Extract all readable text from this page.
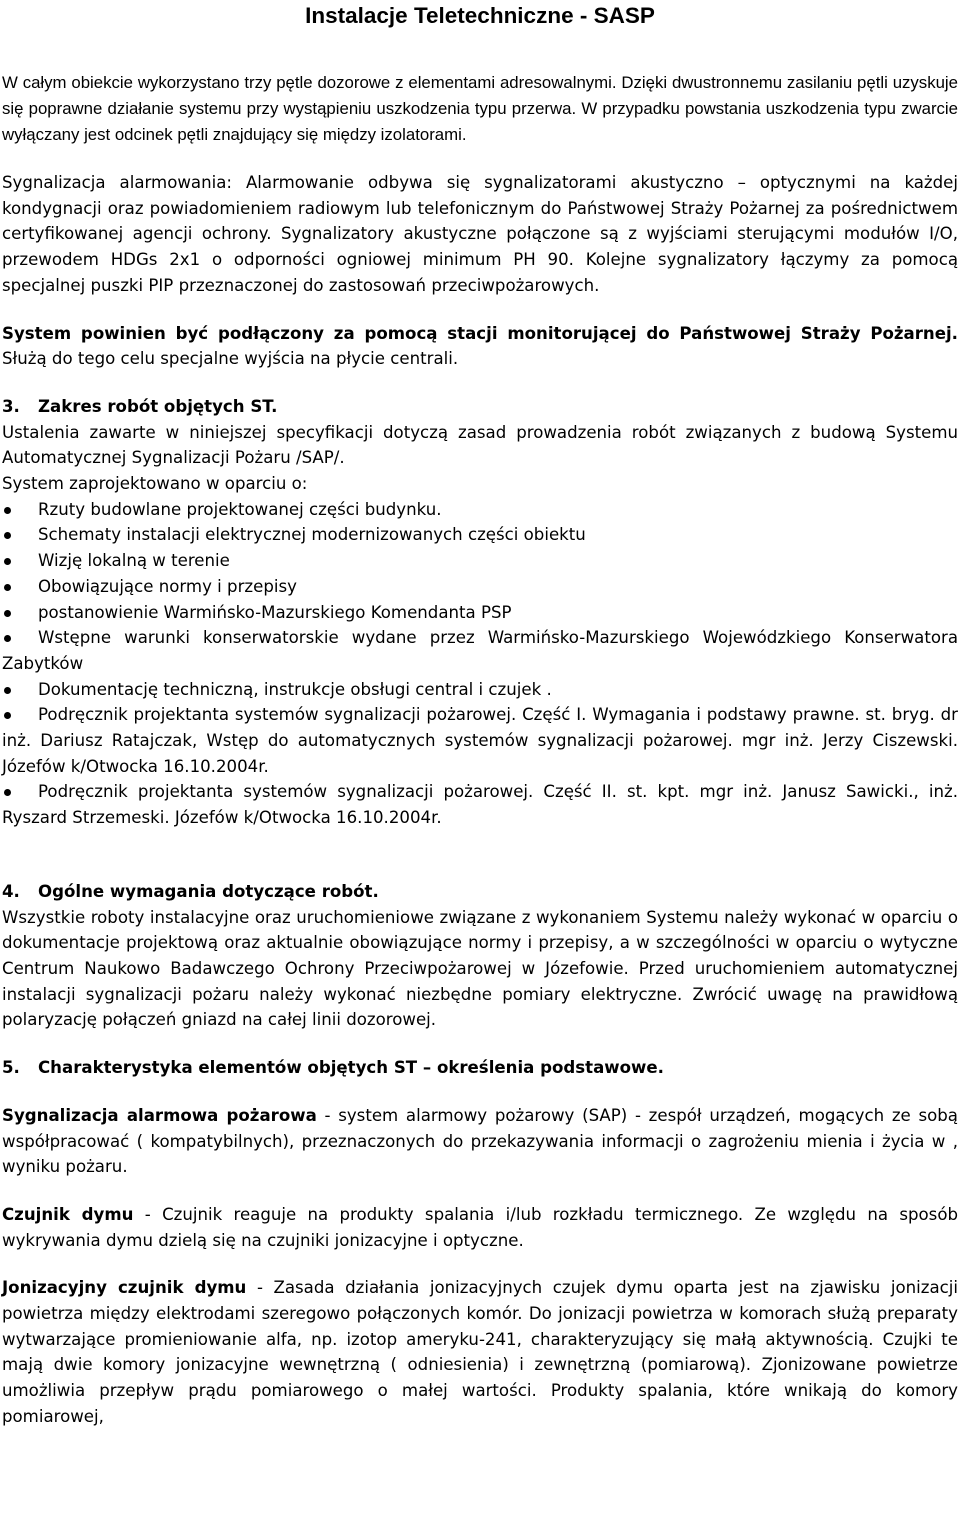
Instalacje Teletechniczne - SASP

W całym obiekcie wykorzystano trzy pętle dozorowe z elementami adresowalnymi. Dzięki dwustronnemu zasilaniu pętli uzyskuje się poprawne działanie systemu przy wystąpieniu uszkodzenia typu przerwa. W przypadku powstania uszkodzenia typu zwarcie wyłączany jest odcinek pętli znajdujący się między izolatorami.

Sygnalizacja alarmowania: Alarmowanie odbywa się sygnalizatorami akustyczno – optycznymi na każdej kondygnacji oraz powiadomieniem radiowym lub telefonicznym do Państwowej Straży Pożarnej za pośrednictwem certyfikowanej agencji ochrony. Sygnalizatory akustyczne połączone są z wyjściami sterującymi modułów I/O, przewodem HDGs 2x1 o odporności ogniowej minimum PH 90. Kolejne sygnalizatory łączymy za pomocą specjalnej puszki PIP przeznaczonej do zastosowań przeciwpożarowych.

System powinien być podłączony za pomocą stacji monitorującej do Państwowej Straży Pożarnej. Służą do tego celu specjalne wyjścia na płycie centrali.

3. Zakres robót objętych ST.

Ustalenia zawarte w niniejszej specyfikacji dotyczą zasad prowadzenia robót związanych z budową Systemu Automatycznej Sygnalizacji Pożaru /SAP/.

System zaprojektowano w oparciu o:

Rzuty budowlane projektowanej części budynku.
Schematy instalacji elektrycznej modernizowanych części obiektu
Wizję lokalną w terenie
Obowiązujące normy i przepisy
postanowienie Warmińsko-Mazurskiego Komendanta PSP
Wstępne warunki konserwatorskie wydane przez Warmińsko-Mazurskiego Wojewódzkiego Konserwatora Zabytków
Dokumentację techniczną, instrukcje obsługi central i czujek .
Podręcznik projektanta systemów sygnalizacji pożarowej. Część I. Wymagania i podstawy prawne. st. bryg. dr inż. Dariusz Ratajczak, Wstęp do automatycznych systemów sygnalizacji pożarowej. mgr inż. Jerzy Ciszewski. Józefów k/Otwocka 16.10.2004r.
Podręcznik projektanta systemów sygnalizacji pożarowej. Część II. st. kpt. mgr inż. Janusz Sawicki., inż. Ryszard Strzemeski. Józefów k/Otwocka 16.10.2004r.

4. Ogólne wymagania dotyczące robót.

Wszystkie roboty instalacyjne oraz uruchomieniowe związane z wykonaniem Systemu należy wykonać w oparciu o dokumentacje projektową oraz aktualnie obowiązujące normy i przepisy, a w szczególności w oparciu o wytyczne Centrum Naukowo Badawczego Ochrony Przeciwpożarowej w Józefowie. Przed uruchomieniem automatycznej instalacji sygnalizacji pożaru należy wykonać niezbędne pomiary elektryczne. Zwrócić uwagę na prawidłową polaryzację połączeń gniazd na całej linii dozorowej.

5. Charakterystyka elementów objętych ST – określenia podstawowe.

Sygnalizacja alarmowa pożarowa - system alarmowy pożarowy (SAP) - zespół urządzeń, mogących ze sobą współpracować ( kompatybilnych), przeznaczonych do przekazywania informacji o zagrożeniu mienia i życia w , wyniku pożaru.

Czujnik dymu - Czujnik reaguje na produkty spalania i/lub rozkładu termicznego. Ze względu na sposób wykrywania dymu dzielą się na czujniki jonizacyjne i optyczne.

Jonizacyjny czujnik dymu - Zasada działania jonizacyjnych czujek dymu oparta jest na zjawisku jonizacji powietrza między elektrodami szeregowo połączonych komór. Do jonizacji powietrza w komorach służą preparaty wytwarzające promieniowanie alfa, np. izotop ameryku-241, charakteryzujący się małą aktywnością. Czujki te mają dwie komory jonizacyjne wewnętrzną ( odniesienia) i zewnętrzną (pomiarową). Zjonizowane powietrze umożliwia przepływ prądu pomiarowego o małej wartości. Produkty spalania, które wnikają do komory pomiarowej,
